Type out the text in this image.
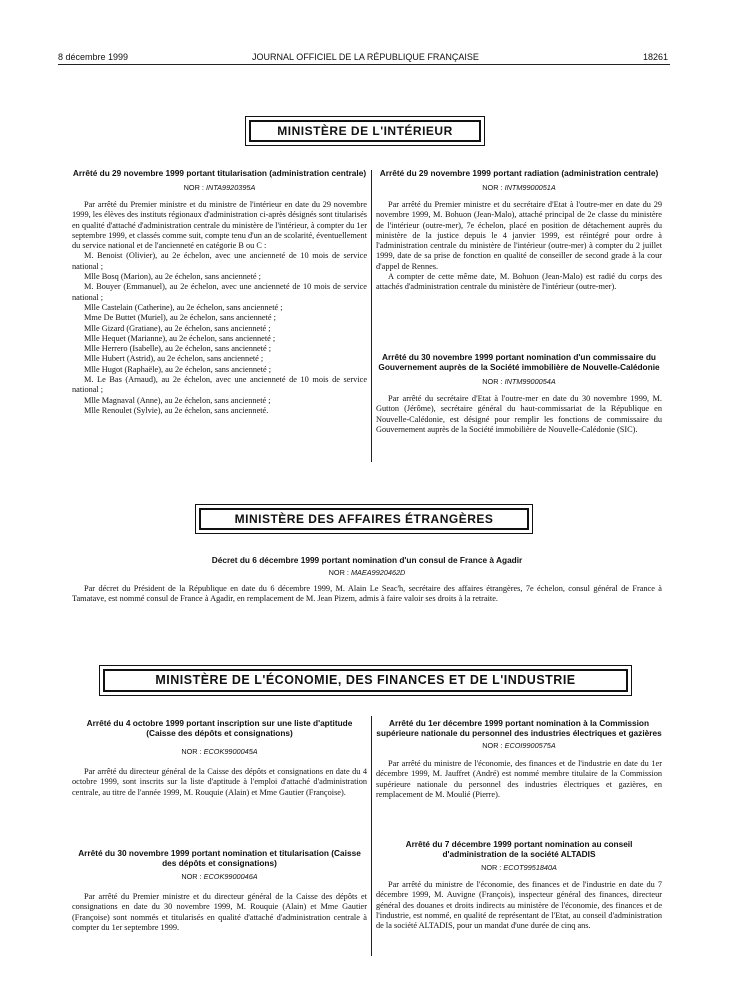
8 décembre 1999	JOURNAL OFFICIEL DE LA RÉPUBLIQUE FRANÇAISE	18261
MINISTÈRE DE L'INTÉRIEUR
Arrêté du 29 novembre 1999 portant titularisation (administration centrale)
NOR : INTA9920395A

Par arrêté du Premier ministre et du ministre de l'intérieur en date du 29 novembre 1999, les élèves des instituts régionaux d'administration ci-après désignés sont titularisés en qualité d'attaché d'administration centrale du ministère de l'intérieur, à compter du 1er septembre 1999, et classés comme suit, compte tenu d'un an de scolarité, éventuellement du service national et de l'ancienneté en catégorie B ou C :

M. Benoist (Olivier), au 2e échelon, avec une ancienneté de 10 mois de service national ;
Mlle Bosq (Marion), au 2e échelon, sans ancienneté ;
M. Bouyer (Emmanuel), au 2e échelon, avec une ancienneté de 10 mois de service national ;
Mlle Castelain (Catherine), au 2e échelon, sans ancienneté ;
Mme De Buttet (Muriel), au 2e échelon, sans ancienneté ;
Mlle Gizard (Gratiane), au 2e échelon, sans ancienneté ;
Mlle Hequet (Marianne), au 2e échelon, sans ancienneté ;
Mlle Herrero (Isabelle), au 2e échelon, sans ancienneté ;
Mlle Hubert (Astrid), au 2e échelon, sans ancienneté ;
Mlle Hugot (Raphaële), au 2e échelon, sans ancienneté ;
M. Le Bas (Arnaud), au 2e échelon, avec une ancienneté de 10 mois de service national ;
Mlle Magnaval (Anne), au 2e échelon, sans ancienneté ;
Mlle Renoulet (Sylvie), au 2e échelon, sans ancienneté.
Arrêté du 29 novembre 1999 portant radiation (administration centrale)
NOR : INTM9900051A

Par arrêté du Premier ministre et du secrétaire d'Etat à l'outre-mer en date du 29 novembre 1999, M. Bohuon (Jean-Malo), attaché principal de 2e classe du ministère de l'intérieur (outre-mer), 7e échelon, placé en position de détachement auprès du ministère de la justice depuis le 4 janvier 1999, est réintégré pour ordre à l'administration centrale du ministère de l'intérieur (outre-mer) à compter du 2 juillet 1999, date de sa prise de fonction en qualité de conseiller de second grade à la cour d'appel de Rennes.

A compter de cette même date, M. Bohuon (Jean-Malo) est radié du corps des attachés d'administration centrale du ministère de l'intérieur (outre-mer).

Arrêté du 30 novembre 1999 portant nomination d'un commissaire du Gouvernement auprès de la Société immobilière de Nouvelle-Calédonie
NOR : INTM9900054A

Par arrêté du secrétaire d'Etat à l'outre-mer en date du 30 novembre 1999, M. Gutton (Jérôme), secrétaire général du haut-commissariat de la République en Nouvelle-Calédonie, est désigné pour remplir les fonctions de commissaire du Gouvernement auprès de la Société immobilière de Nouvelle-Calédonie (SIC).

MINISTÈRE DES AFFAIRES ÉTRANGÈRES
Décret du 6 décembre 1999 portant nomination d'un consul de France à Agadir
NOR : MAEA9920462D

Par décret du Président de la République en date du 6 décembre 1999, M. Alain Le Seac'h, secrétaire des affaires étrangères, 7e échelon, consul général de France à Tamatave, est nommé consul de France à Agadir, en remplacement de M. Jean Pizem, admis à faire valoir ses droits à la retraite.

MINISTÈRE DE L'ÉCONOMIE, DES FINANCES ET DE L'INDUSTRIE
Arrêté du 4 octobre 1999 portant inscription sur une liste d'aptitude (Caisse des dépôts et consignations)
NOR : ECOK9900045A

Par arrêté du directeur général de la Caisse des dépôts et consignations en date du 4 octobre 1999, sont inscrits sur la liste d'aptitude à l'emploi d'attaché d'administration centrale, au titre de l'année 1999, M. Rouquie (Alain) et Mme Gautier (Françoise).

Arrêté du 30 novembre 1999 portant nomination et titularisation (Caisse des dépôts et consignations)
NOR : ECOK9900046A

Par arrêté du Premier ministre et du directeur général de la Caisse des dépôts et consignations en date du 30 novembre 1999, M. Rouquie (Alain) et Mme Gautier (Françoise) sont nommés et titularisés en qualité d'attaché d'administration centrale à compter du 1er septembre 1999.

Arrêté du 1er décembre 1999 portant nomination à la Commission supérieure nationale du personnel des industries électriques et gazières
NOR : ECOI9900575A

Par arrêté du ministre de l'économie, des finances et de l'industrie en date du 1er décembre 1999, M. Jauffret (André) est nommé membre titulaire de la Commission supérieure nationale du personnel des industries électriques et gazières, en remplacement de M. Moulié (Pierre).

Arrêté du 7 décembre 1999 portant nomination au conseil d'administration de la société ALTADIS
NOR : ECOT9951840A

Par arrêté du ministre de l'économie, des finances et de l'industrie en date du 7 décembre 1999, M. Auvigne (François), inspecteur général des finances, directeur général des douanes et droits indirects au ministère de l'économie, des finances et de l'industrie, est nommé, en qualité de représentant de l'Etat, au conseil d'administration de la société ALTADIS, pour un mandat d'une durée de cinq ans.
